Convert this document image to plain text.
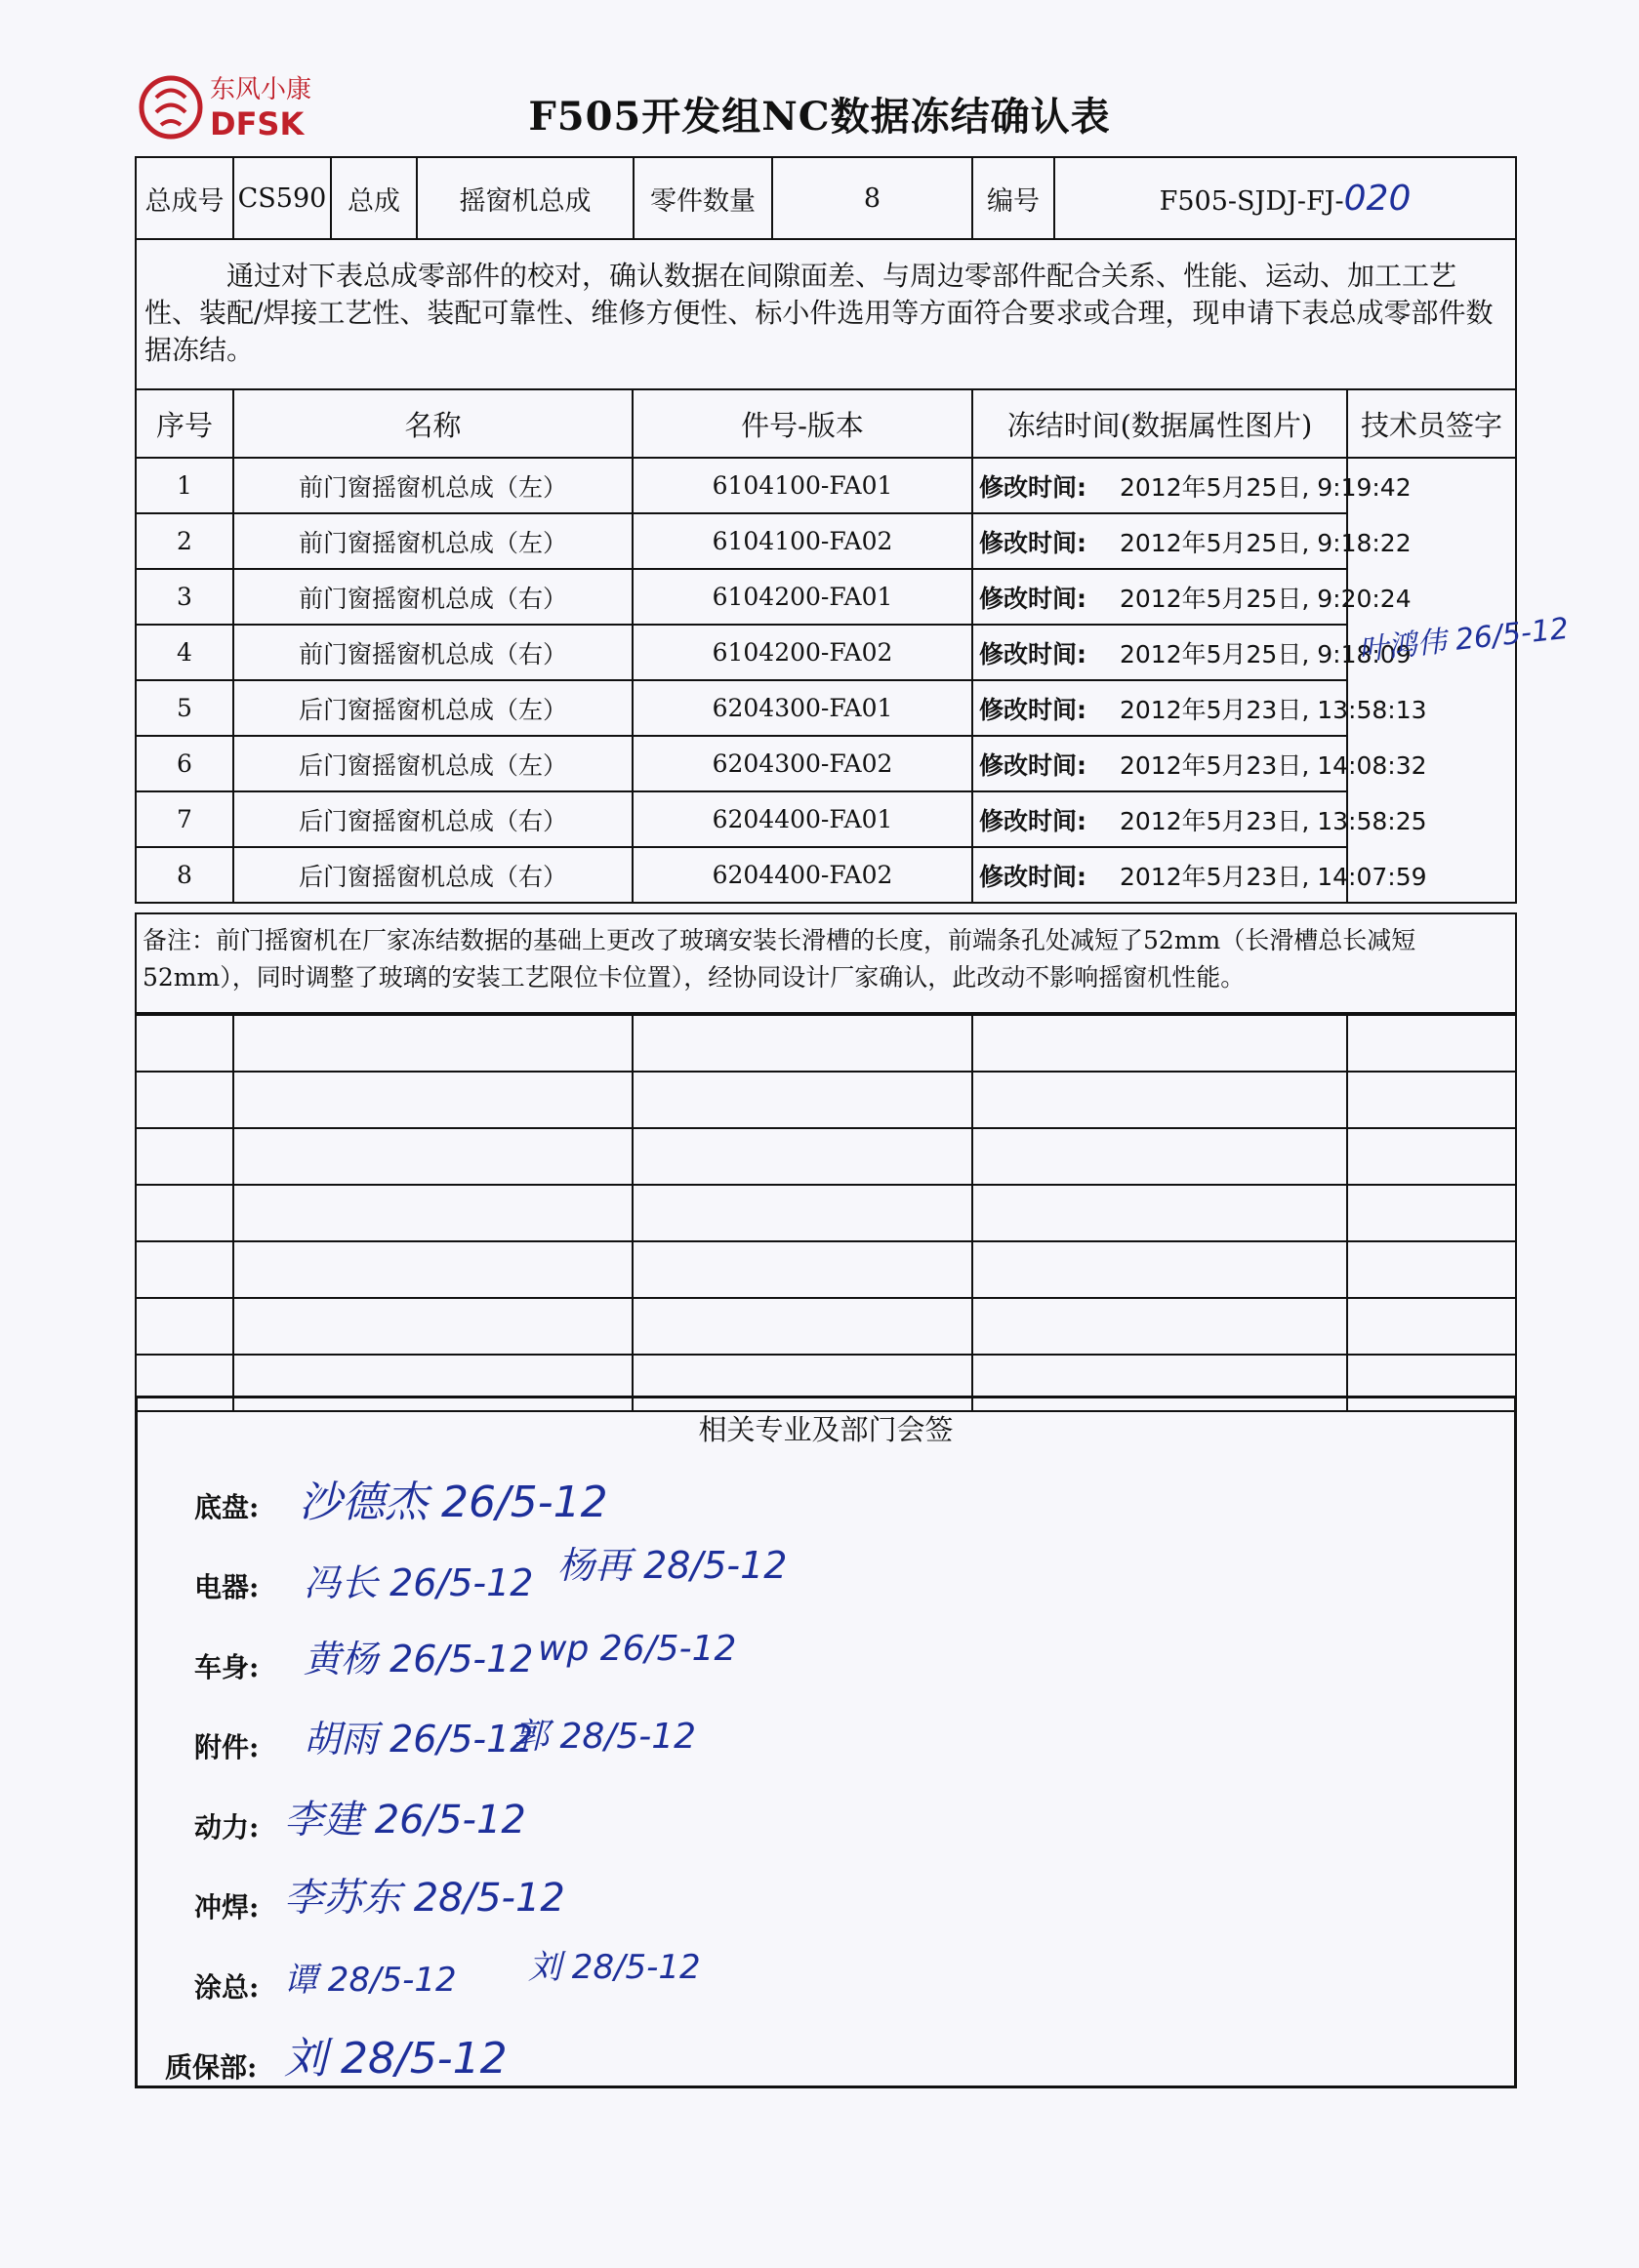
东风小康
DFSK	F505开发组NC数据冻结确认表
总成号	CS590	总成	摇窗机总成	零件数量	8	编号	F505-SJDJ-FJ-020

通过对下表总成零部件的校对，确认数据在间隙面差、与周边零部件配合关系、性能、运动、加工工艺性、装配/焊接工艺性、装配可靠性、维修方便性、标小件选用等方面符合要求或合理，现申请下表总成零部件数据冻结。

序号	名称	件号-版本	冻结时间(数据属性图片)	技术员签字
1	前门窗摇窗机总成（左）	6104100-FA01	修改时间: 2012年5月25日, 9:19:42	叶鸿伟 26/5-12

2	前门窗摇窗机总成（左）	6104100-FA02	修改时间: 2012年5月25日, 9:18:22	
3	前门窗摇窗机总成（右）	6104200-FA01	修改时间: 2012年5月25日, 9:20:24	
4	前门窗摇窗机总成（右）	6104200-FA02	修改时间: 2012年5月25日, 9:18:09	
5	后门窗摇窗机总成（左）	6204300-FA01	修改时间: 2012年5月23日, 13:58:13	
6	后门窗摇窗机总成（左）	6204300-FA02	修改时间: 2012年5月23日, 14:08:32	
7	后门窗摇窗机总成（右）	6204400-FA01	修改时间: 2012年5月23日, 13:58:25	
8	后门窗摇窗机总成（右）	6204400-FA02	修改时间: 2012年5月23日, 14:07:59	
备注：前门摇窗机在厂家冻结数据的基础上更改了玻璃安装长滑槽的长度，前端条孔处减短了52mm（长滑槽总长减短52mm），同时调整了玻璃的安装工艺限位卡位置），经协同设计厂家确认，此改动不影响摇窗机性能。

相关专业及部门会签
底盘: 沙德杰 26/5-12
电器: 冯长 26/5-12 杨再 28/5-12
车身: 黄杨 26/5-12 wp 26/5-12
附件: 胡雨 26/5-12
郭 28/5-12
动力: 李建 26/5-12
冲焊: 李苏东 28/5-12
涂总: 谭 28/5-12 刘 28/5-12
质保部: 刘 28/5-12
